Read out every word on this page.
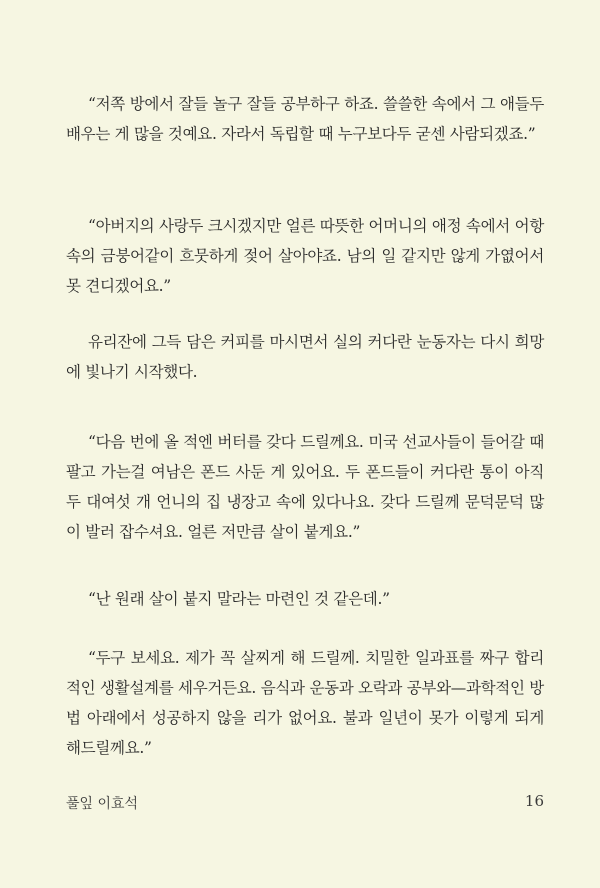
“저쪽 방에서 잘들 놀구 잘들 공부하구 하죠. 쓸쓸한 속에서 그 애들두 배우는 게 많을 것예요. 자라서 독립할 때 누구보다두 굳센 사람되겠죠.”

“아버지의 사랑두 크시겠지만 얼른 따뜻한 어머니의 애정 속에서 어항 속의 금붕어같이 흐뭇하게 젖어 살아야죠. 남의 일 같지만 않게 가엾어서 못 견디겠어요.”

유리잔에 그득 담은 커피를 마시면서 실의 커다란 눈동자는 다시 희망에 빛나기 시작했다.

“다음 번에 올 적엔 버터를 갖다 드릴께요. 미국 선교사들이 들어갈 때 팔고 가는걸 여남은 폰드 사둔 게 있어요. 두 폰드들이 커다란 통이 아직 두 대여섯 개 언니의 집 냉장고 속에 있다나요. 갖다 드릴께 문덕문덕 많이 발러 잡수셔요. 얼른 저만큼 살이 붙게요.”

“난 원래 살이 붙지 말라는 마련인 것 같은데.”

“두구 보세요. 제가 꼭 살찌게 해 드릴께. 치밀한 일과표를 짜구 합리적인 생활설계를 세우거든요. 음식과 운동과 오락과 공부와—과학적인 방법 아래에서 성공하지 않을 리가 없어요. 불과 일년이 못가 이렇게 되게 해드릴께요.”

풀잎 이효석	16
